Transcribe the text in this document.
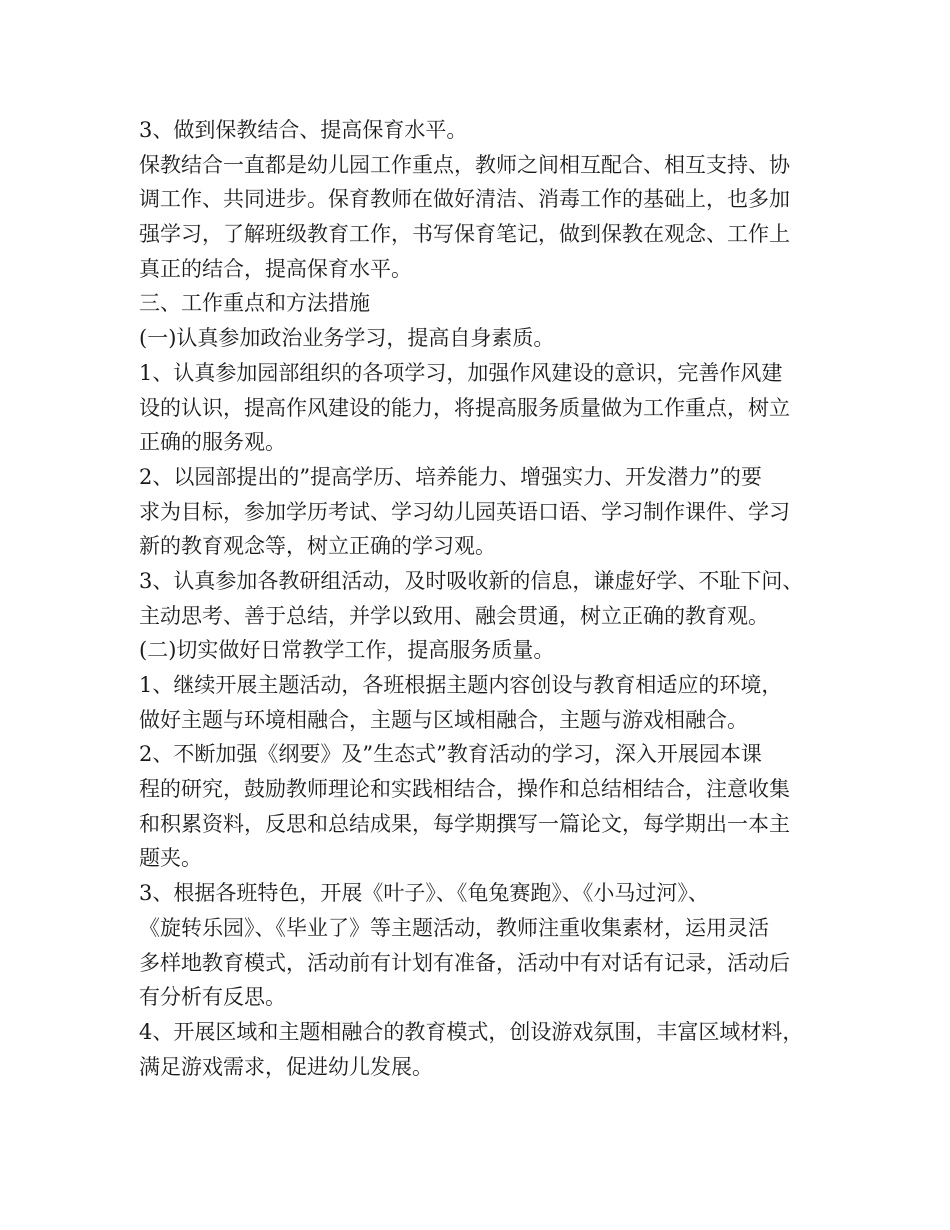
3、做到保教结合、提高保育水平。
保教结合一直都是幼儿园工作重点，教师之间相互配合、相互支持、协
调工作、共同进步。保育教师在做好清洁、消毒工作的基础上，也多加
强学习，了解班级教育工作，书写保育笔记，做到保教在观念、工作上
真正的结合，提高保育水平。
三、工作重点和方法措施
(一)认真参加政治业务学习，提高自身素质。
1、认真参加园部组织的各项学习，加强作风建设的意识，完善作风建
设的认识，提高作风建设的能力，将提高服务质量做为工作重点，树立
正确的服务观。
2、以园部提出的”提高学历、培养能力、增强实力、开发潜力”的要
求为目标，参加学历考试、学习幼儿园英语口语、学习制作课件、学习
新的教育观念等，树立正确的学习观。
3、认真参加各教研组活动，及时吸收新的信息，谦虚好学、不耻下问、
主动思考、善于总结，并学以致用、融会贯通，树立正确的教育观。
(二)切实做好日常教学工作，提高服务质量。
1、继续开展主题活动，各班根据主题内容创设与教育相适应的环境，
做好主题与环境相融合，主题与区域相融合，主题与游戏相融合。
2、不断加强《纲要》及”生态式”教育活动的学习，深入开展园本课
程的研究，鼓励教师理论和实践相结合，操作和总结相结合，注意收集
和积累资料，反思和总结成果，每学期撰写一篇论文，每学期出一本主
题夹。
3、根据各班特色，开展《叶子》、《龟兔赛跑》、《小马过河》、
《旋转乐园》、《毕业了》等主题活动，教师注重收集素材，运用灵活
多样地教育模式，活动前有计划有准备，活动中有对话有记录，活动后
有分析有反思。
4、开展区域和主题相融合的教育模式，创设游戏氛围，丰富区域材料，
满足游戏需求，促进幼儿发展。
